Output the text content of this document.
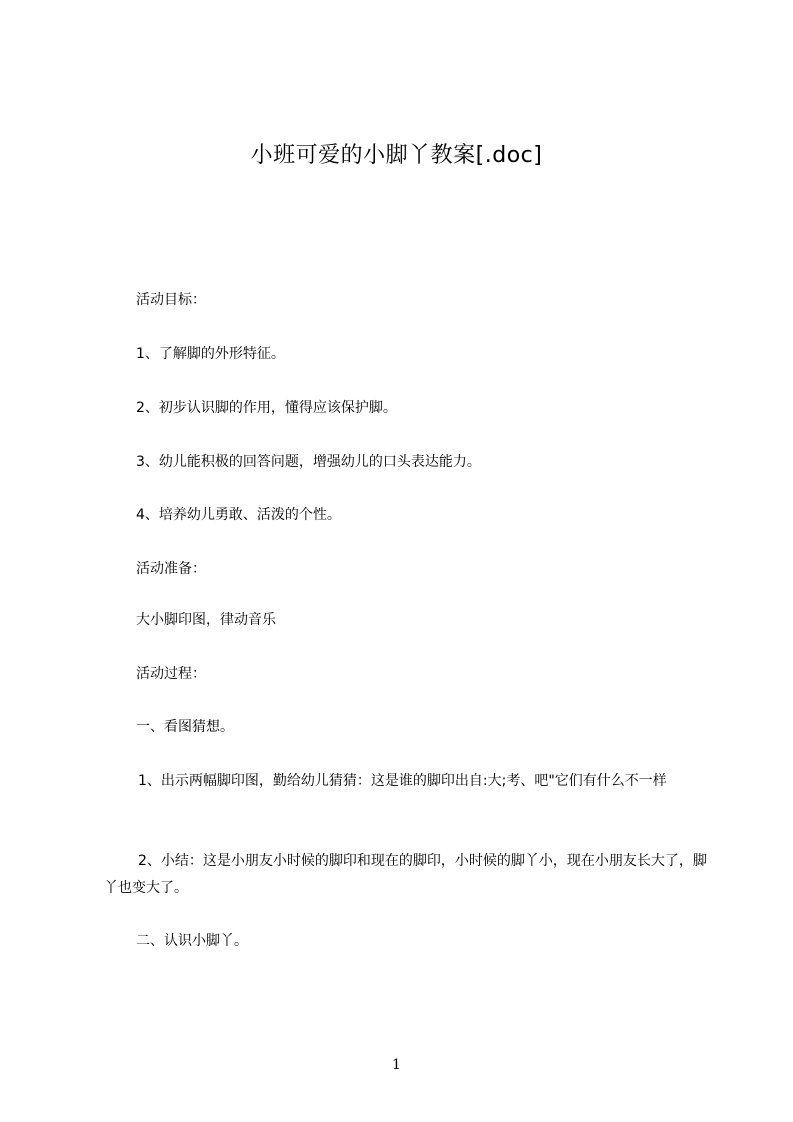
小班可爱的小脚丫教案[.doc]
活动目标：
1、了解脚的外形特征。
2、初步认识脚的作用，懂得应该保护脚。
3、幼儿能积极的回答问题，增强幼儿的口头表达能力。
4、培养幼儿勇敢、活泼的个性。
活动准备：
大小脚印图，律动音乐
活动过程：
一、看图猜想。
1、出示两幅脚印图，勤给幼儿猜猜：这是谁的脚印出自:大;考、吧"它们有什么不一样
2、小结：这是小朋友小时候的脚印和现在的脚印，小时候的脚丫小，现在小朋友长大了，脚丫也变大了。
二、认识小脚丫。
1
